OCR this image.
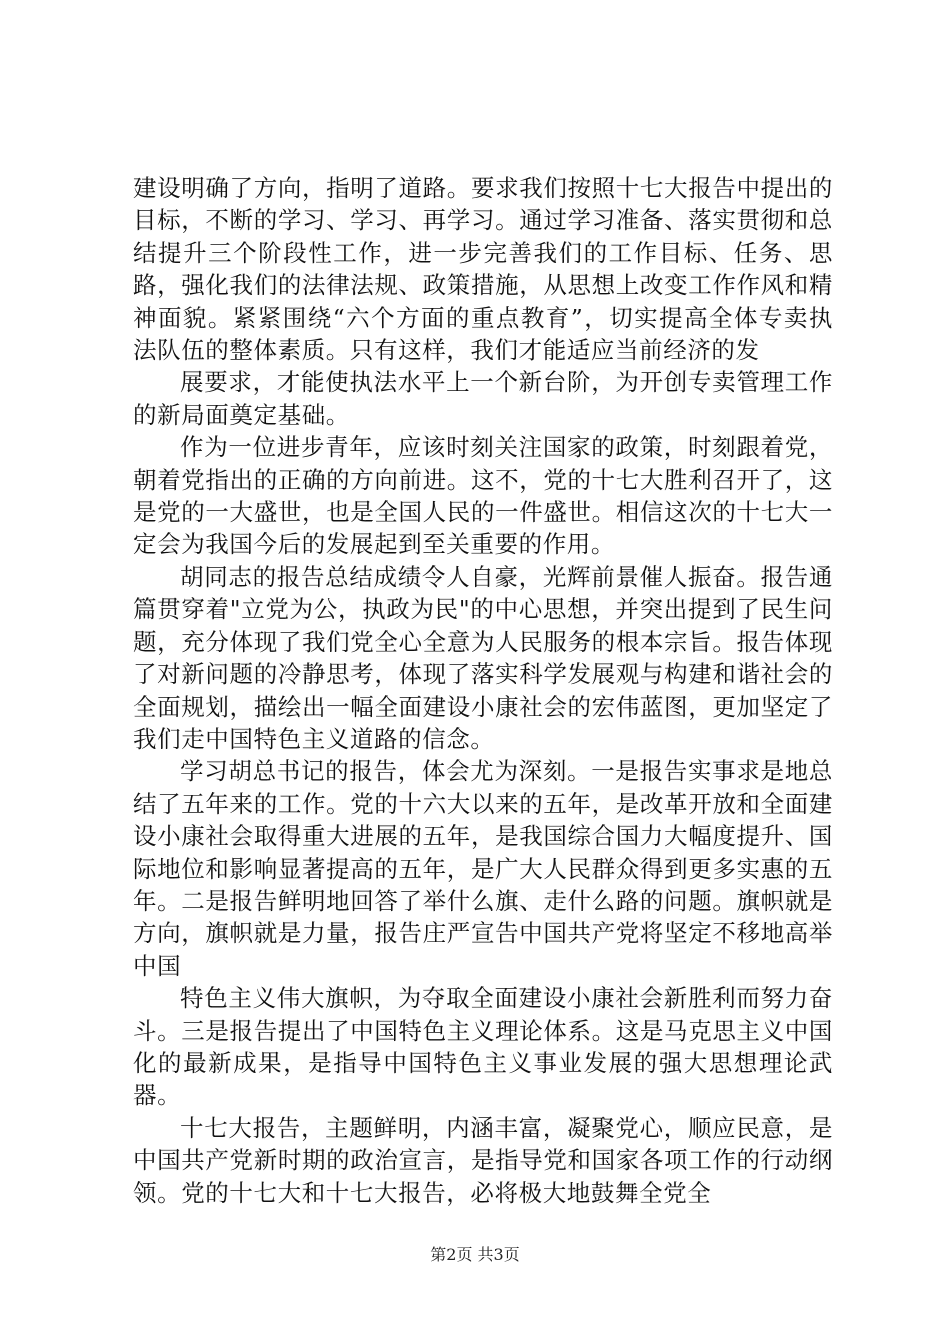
建设明确了方向，指明了道路。要求我们按照十七大报告中提出的目标，不断的学习、学习、再学习。通过学习准备、落实贯彻和总结提升三个阶段性工作，进一步完善我们的工作目标、任务、思路，强化我们的法律法规、政策措施，从思想上改变工作作风和精神面貌。紧紧围绕“六个方面的重点教育”，切实提高全体专卖执法队伍的整体素质。只有这样，我们才能适应当前经济的发

展要求，才能使执法水平上一个新台阶，为开创专卖管理工作的新局面奠定基础。

作为一位进步青年，应该时刻关注国家的政策，时刻跟着党，朝着党指出的正确的方向前进。这不，党的十七大胜利召开了，这是党的一大盛世，也是全国人民的一件盛世。相信这次的十七大一定会为我国今后的发展起到至关重要的作用。

胡同志的报告总结成绩令人自豪，光辉前景催人振奋。报告通篇贯穿着"立党为公，执政为民"的中心思想，并突出提到了民生问题，充分体现了我们党全心全意为人民服务的根本宗旨。报告体现了对新问题的冷静思考，体现了落实科学发展观与构建和谐社会的全面规划，描绘出一幅全面建设小康社会的宏伟蓝图，更加坚定了我们走中国特色主义道路的信念。

学习胡总书记的报告，体会尤为深刻。一是报告实事求是地总结了五年来的工作。党的十六大以来的五年，是改革开放和全面建设小康社会取得重大进展的五年，是我国综合国力大幅度提升、国际地位和影响显著提高的五年，是广大人民群众得到更多实惠的五年。二是报告鲜明地回答了举什么旗、走什么路的问题。旗帜就是方向，旗帜就是力量，报告庄严宣告中国共产党将坚定不移地高举中国

特色主义伟大旗帜，为夺取全面建设小康社会新胜利而努力奋斗。三是报告提出了中国特色主义理论体系。这是马克思主义中国化的最新成果，是指导中国特色主义事业发展的强大思想理论武器。

十七大报告，主题鲜明，内涵丰富，凝聚党心，顺应民意，是中国共产党新时期的政治宣言，是指导党和国家各项工作的行动纲领。党的十七大和十七大报告，必将极大地鼓舞全党全

第2页 共3页
